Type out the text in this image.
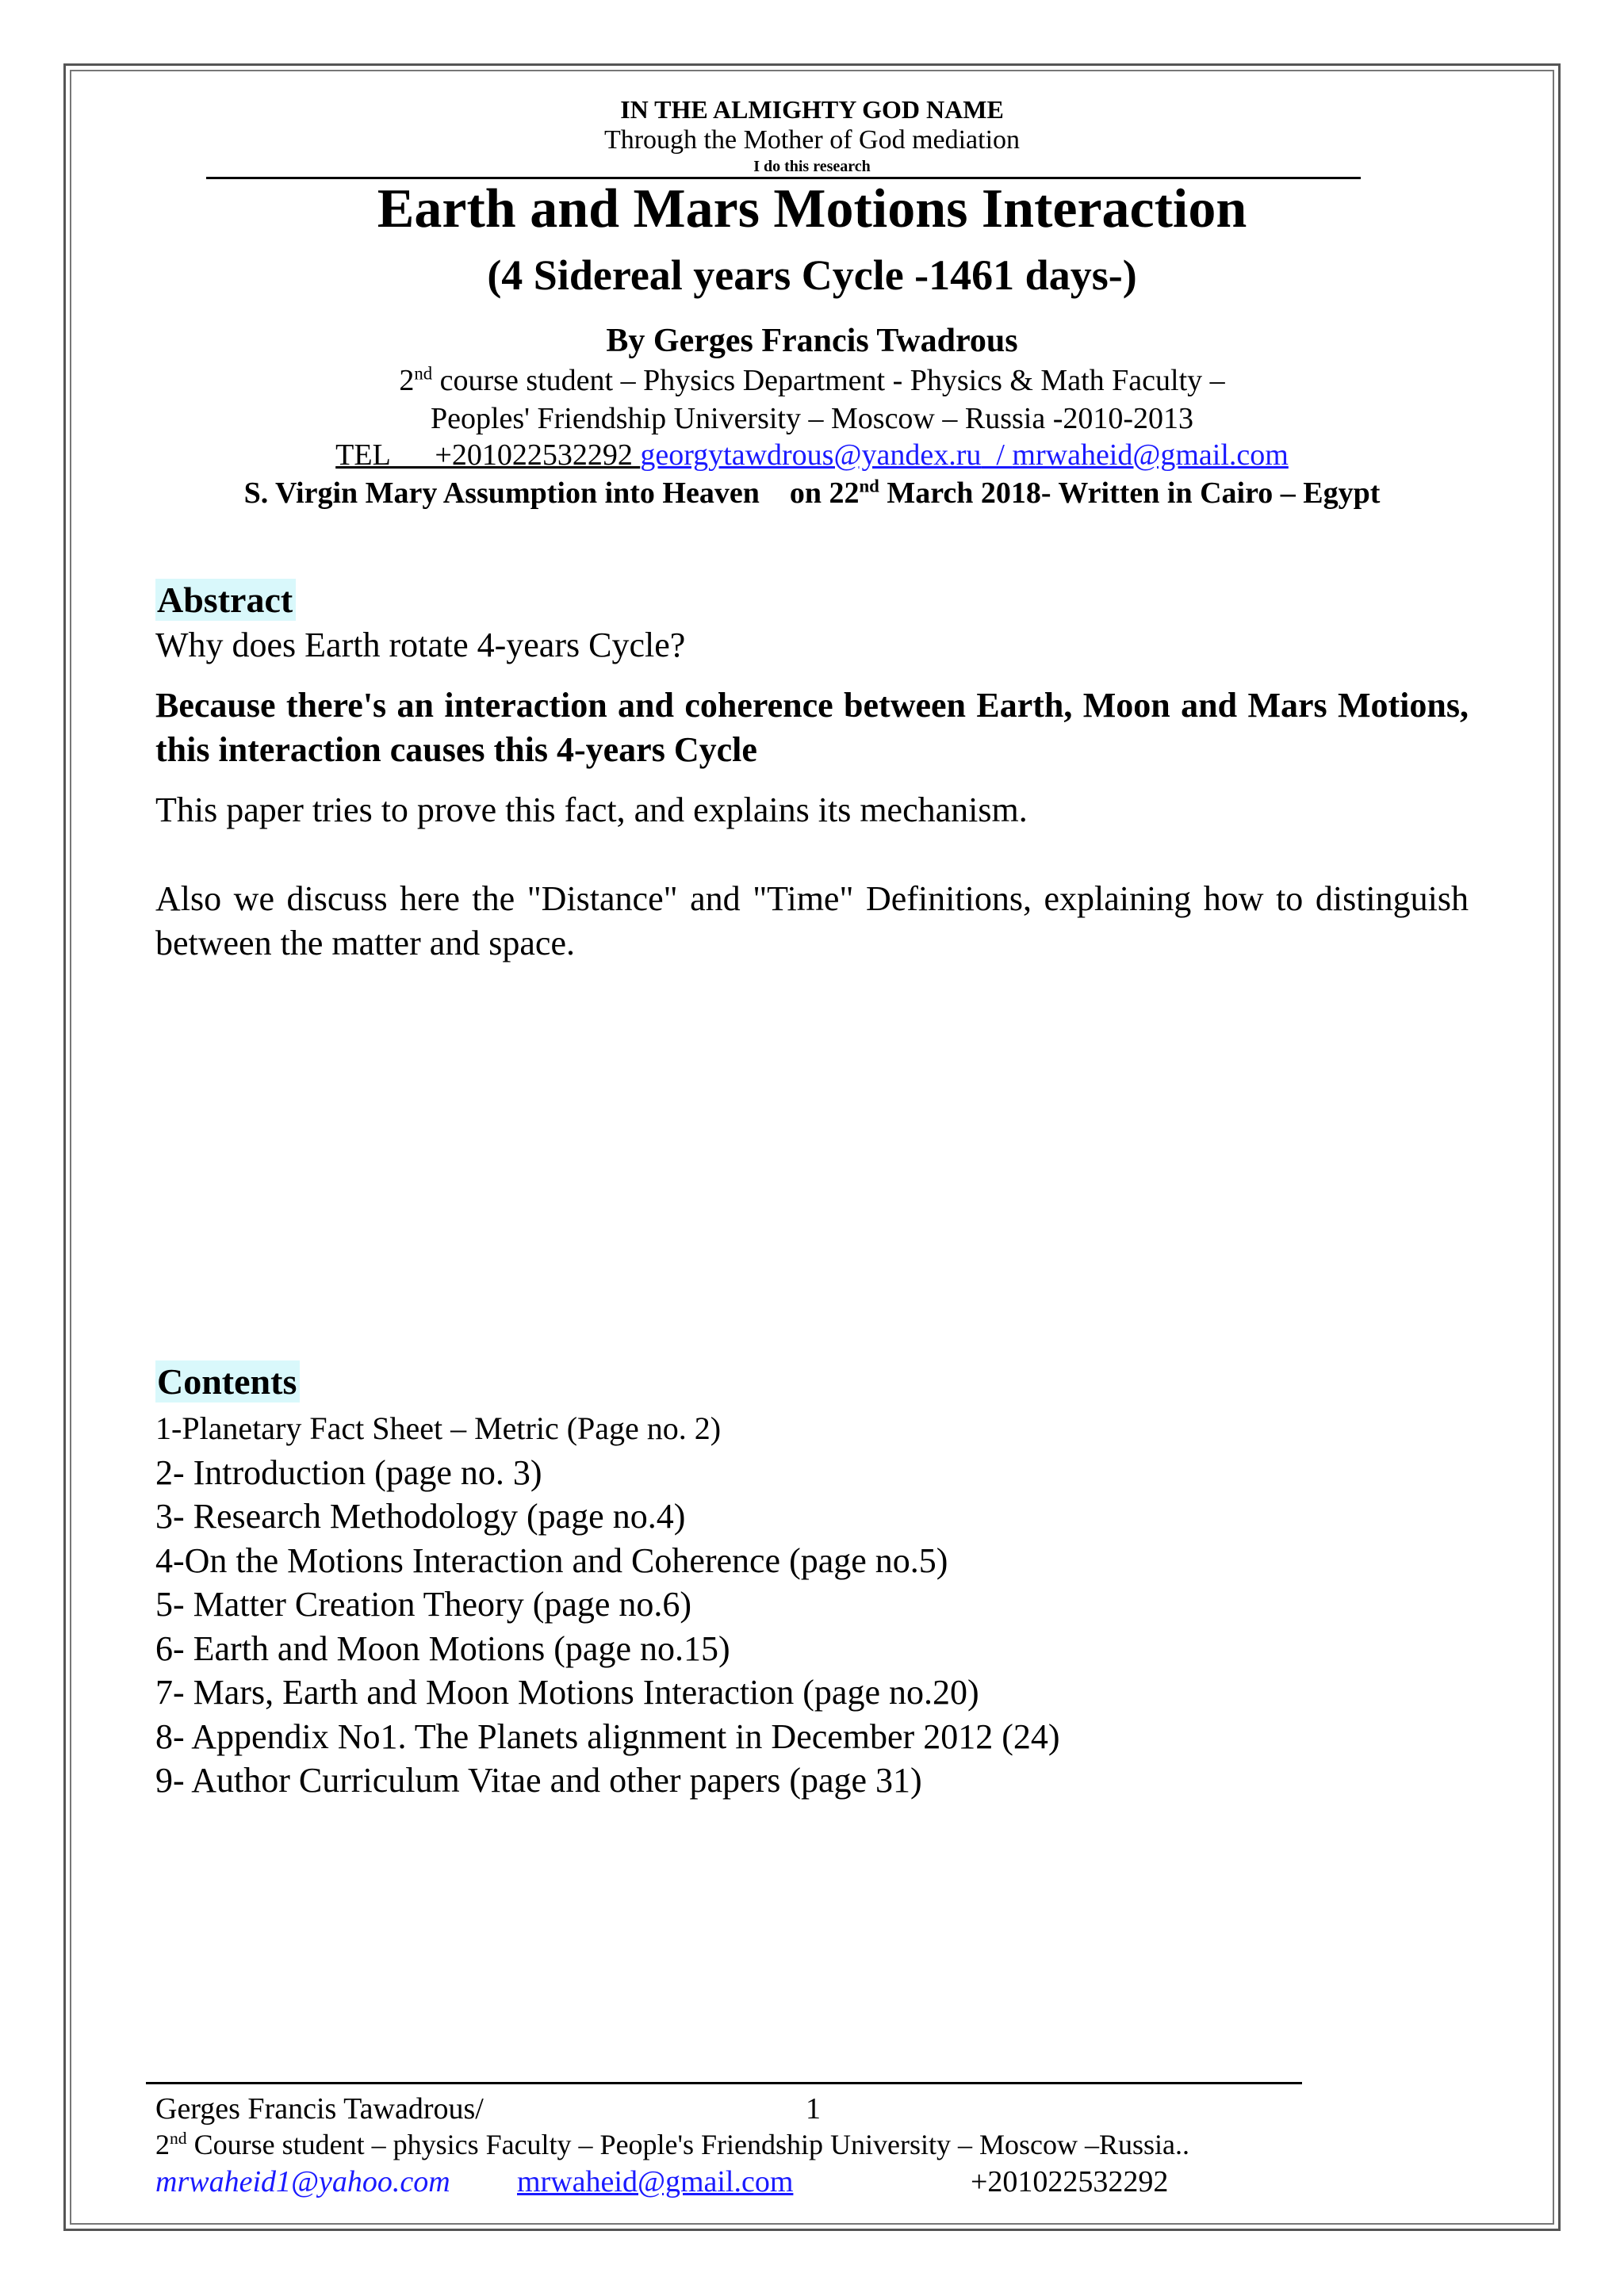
IN THE ALMIGHTY GOD NAME
Through the Mother of God mediation
I do this research
Earth and Mars Motions Interaction
(4 Sidereal years Cycle -1461 days-)
By Gerges Francis Twadrous
2nd course student – Physics Department - Physics & Math Faculty –
Peoples' Friendship University – Moscow – Russia -2010-2013
TEL      +201022532292 georgytawdrous@yandex.ru  / mrwaheid@gmail.com
S. Virgin Mary Assumption into Heaven    on 22nd March 2018- Written in Cairo – Egypt
Abstract
Why does Earth rotate 4-years Cycle?
Because there's an interaction and coherence between Earth, Moon and Mars Motions, this interaction causes this 4-years Cycle
This paper tries to prove this fact, and explains its mechanism.
Also we discuss here the "Distance" and "Time" Definitions, explaining how to distinguish between the matter and space.
Contents
1-Planetary Fact Sheet – Metric (Page no. 2)
2- Introduction (page no. 3)
3- Research Methodology (page no.4)
4-On the Motions Interaction and Coherence (page no.5)
5- Matter Creation Theory (page no.6)
6- Earth and Moon Motions (page no.15)
7- Mars, Earth and Moon Motions Interaction (page no.20)
8- Appendix No1. The Planets alignment in December 2012 (24)
9- Author Curriculum Vitae and other papers (page 31)
Gerges Francis Tawadrous/	1
2nd Course student – physics Faculty – People's Friendship University – Moscow –Russia..
mrwaheid1@yahoo.com mrwaheid@gmail.com	+201022532292
